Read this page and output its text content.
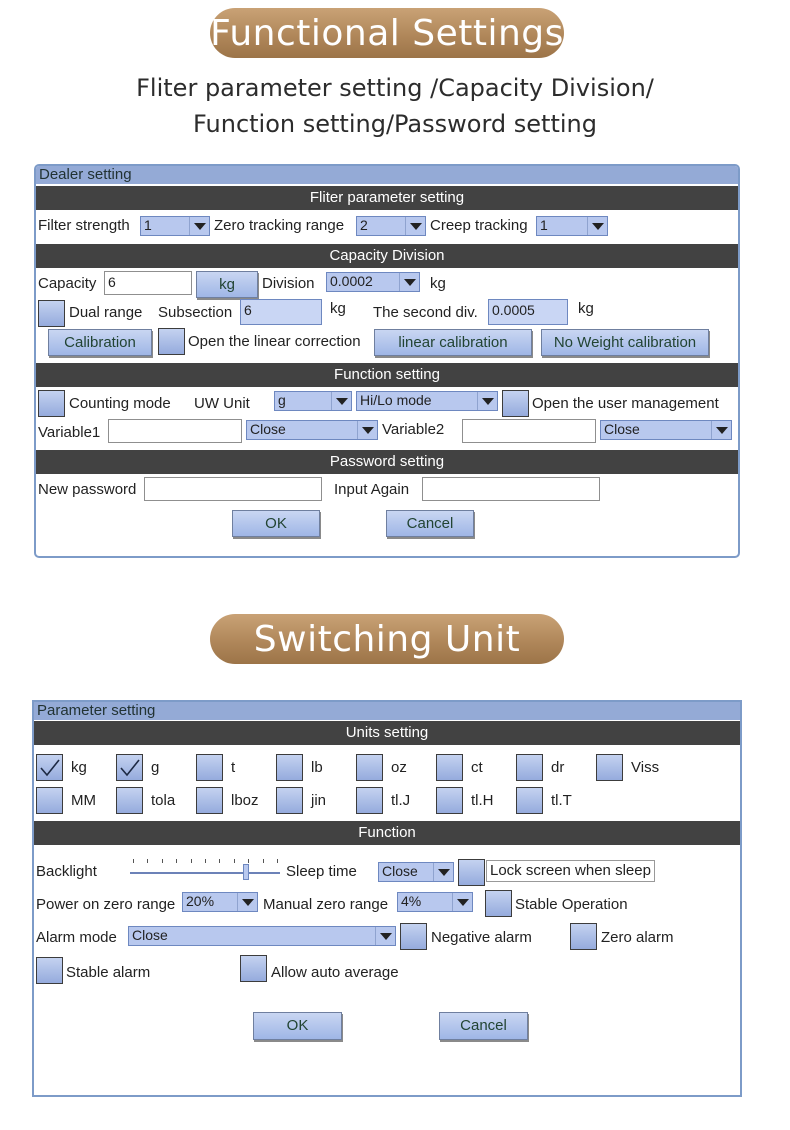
Functional Settings
Fliter parameter setting /Capacity Division/
Function setting/Password setting
Dealer setting
Fliter parameter setting
Filter strength 1	Zero tracking range 2	Creep tracking 1
Capacity Division
Capacity 6	kg	Division 0.0002	kg
Dual range Subsection 6	kg The second div. 0.0005	kg
Calibration	Open the linear correction	linear calibration	No Weight calibration
Function setting
Counting mode UW Unit g	Hi/Lo mode	Open the user management
Variable1	Close	Variable2	Close
Password setting
New password	Input Again
OK	Cancel
Switching Unit
Parameter setting
Units setting
kg	g	t	lb	oz	ct	dr	Viss
MM	tola	lboz	jin	tl.J	tl.H	tl.T
Function
Backlight	Sleep time Close	Lock screen when sleep
Power on zero range 20%	Manual zero range 4%	Stable Operation
Alarm mode Close	Negative alarm	Zero alarm
Stable alarm	Allow auto average
OK	Cancel
